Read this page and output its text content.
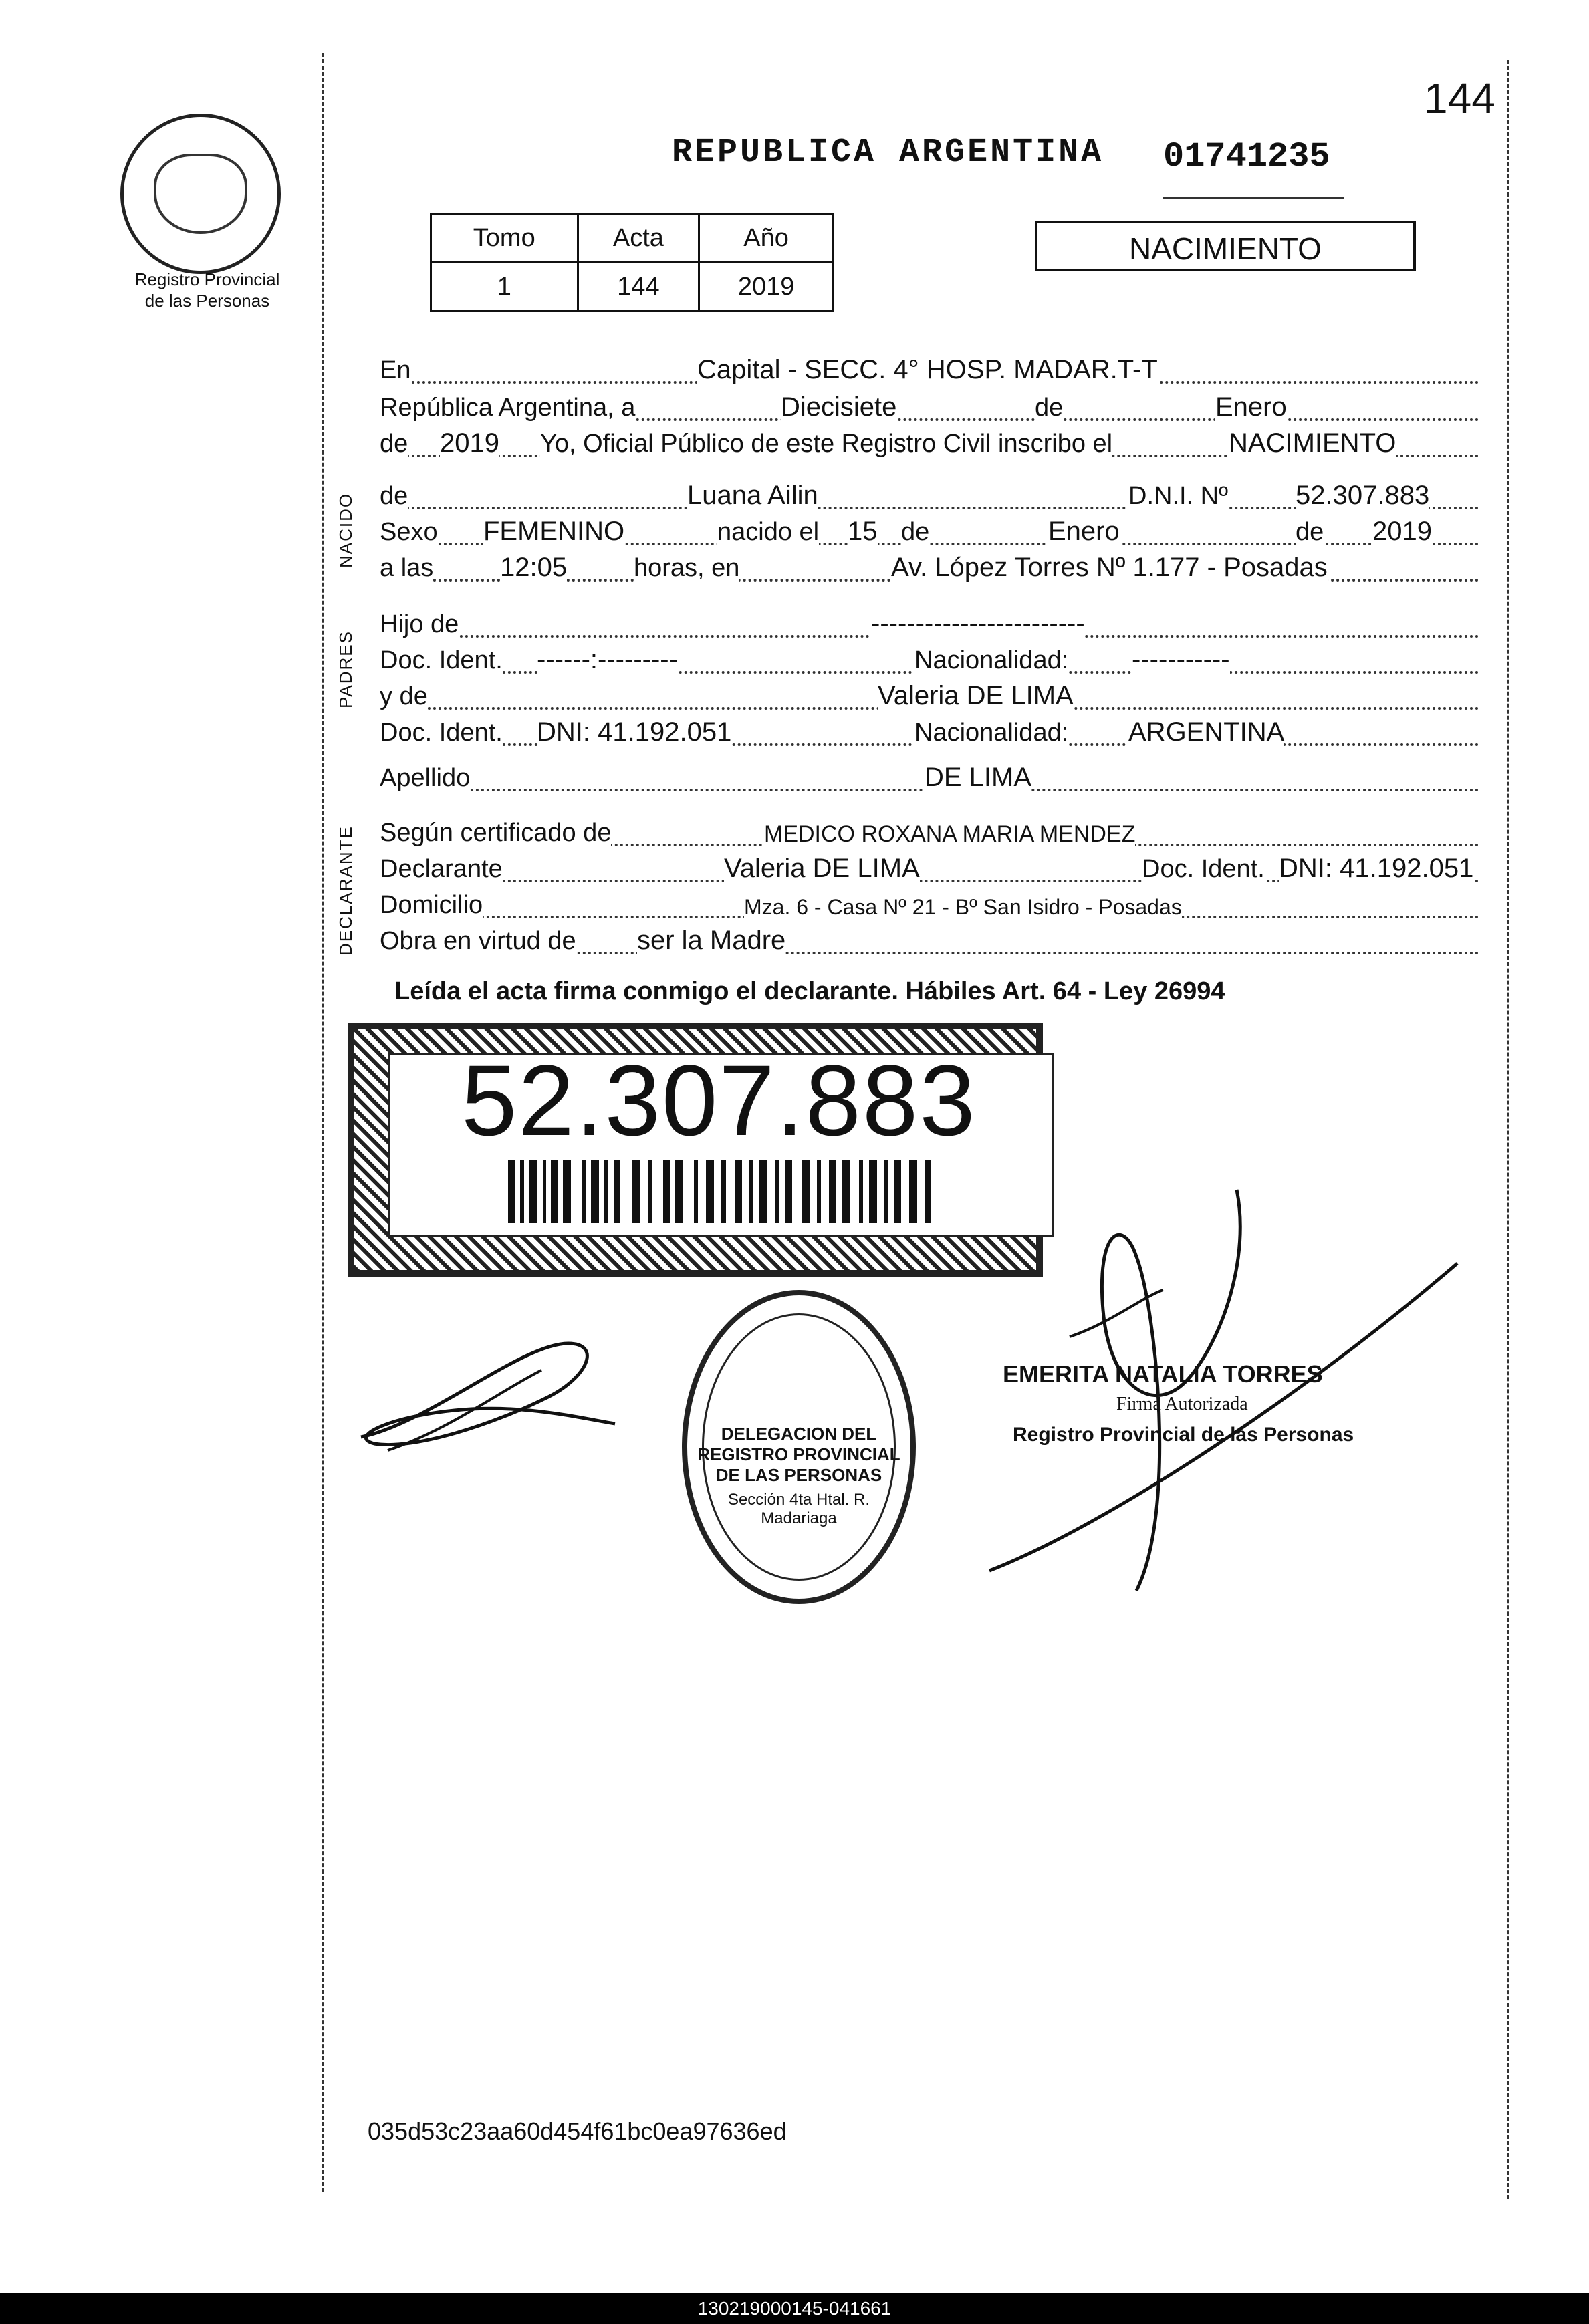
Registro Provincial
de las Personas
144
REPUBLICA ARGENTINA 01741235
Tomo	Acta	Año
1	144	2019
NACIMIENTO
En	Capital - SECC. 4° HOSP. MADAR.T-T
República Argentina, a	Diecisiete	de	Enero
de 2019 Yo, Oficial Público de este Registro Civil inscribo el	NACIMIENTO
NACIDO de	Luana Ailin	D.N.I. Nº	52.307.883
Sexo FEMENINO	nacido el 15 de	Enero	de 2019
a las 12:05	horas, en	Av. López Torres Nº 1.177 - Posadas
PADRES
Hijo de	------------------------
Doc. Ident. ------:---------	Nacionalidad: -----------
y de	Valeria DE LIMA
Doc. Ident. DNI: 41.192.051	Nacionalidad: ARGENTINA
Apellido	DE LIMA
DECLARANTE Según certificado de	MEDICO ROXANA MARIA MENDEZ
Declarante	Valeria DE LIMA	Doc. Ident. DNI: 41.192.051
Domicilio	Mza. 6 - Casa Nº 21 - Bº San Isidro - Posadas
Obra en virtud de ser la Madre
Leída el acta firma conmigo el declarante. Hábiles Art. 64 - Ley 26994
52.307.883
DELEGACION DEL REGISTRO PROVINCIAL DE LAS PERSONAS
Sección 4ta Htal. R. Madariaga
EMERITA NATALIA TORRES
Firma Autorizada
Registro Provincial de las Personas
035d53c23aa60d454f61bc0ea97636ed
130219000145-041661
